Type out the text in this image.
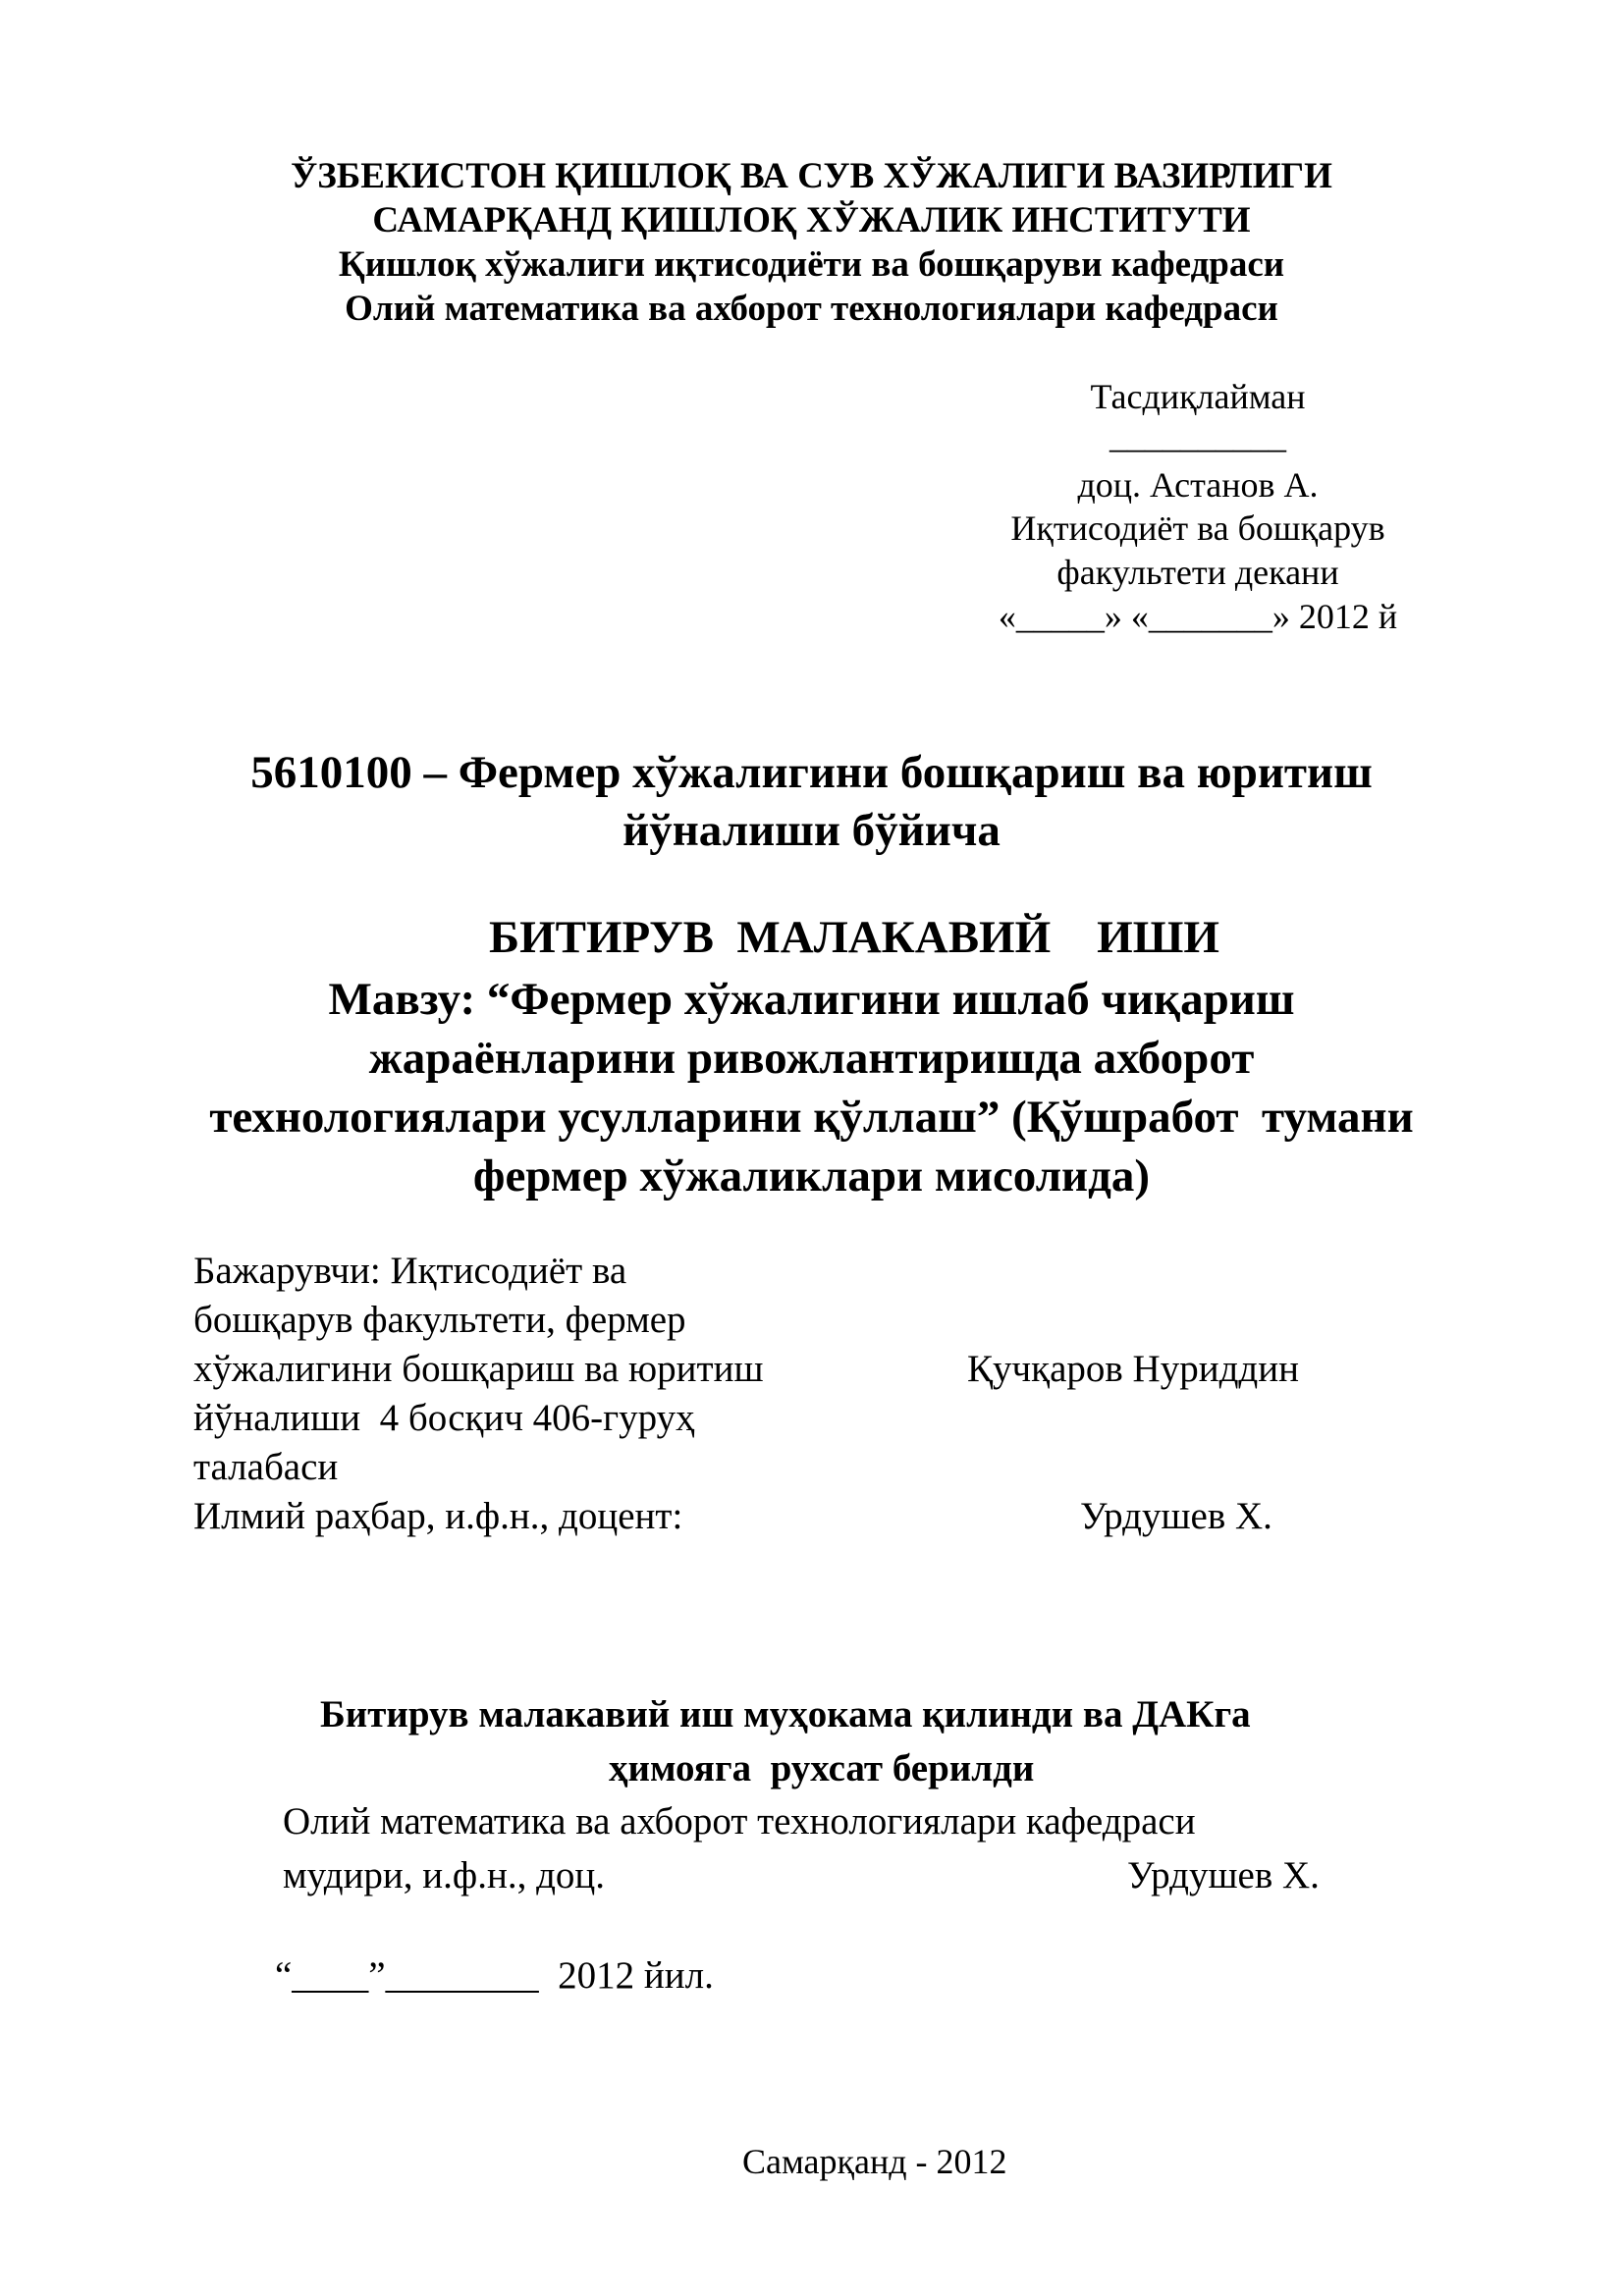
ЎЗБЕКИСТОН ҚИШЛОҚ ВА СУВ ХЎЖАЛИГИ ВАЗИРЛИГИ
САМАРҚАНД ҚИШЛОҚ ХЎЖАЛИК ИНСТИТУТИ
Қишлоқ хўжалиги иқтисодиёти ва бошқаруви кафедраси
Олий математика ва ахборот технологиялари кафедраси
Тасдиқлайман
__________
доц. Астанов А.
Иқтисодиёт ва бошқарув
факультети декани
«_____» «_______» 2012 й
5610100 – Фермер хўжалигини бошқариш ва юритиш
йўналиши бўйича
БИТИРУВ  МАЛАКАВИЙ    ИШИ
Мавзу: “Фермер хўжалигини ишлаб чиқариш
жараёнларини ривожлантиришда ахборот
технологиялари усулларини қўллаш” (Қўшработ  тумани
фермер хўжаликлари мисолида)
Бажарувчи: Иқтисодиёт ва
бошқарув факультети, фермер
хўжалигини бошқариш ва юритиш	Қучқаров Нуриддин
йўналиши  4 босқич 406-гуруҳ
талабаси
Илмий раҳбар, и.ф.н., доцент:	Урдушев Х.
Битирув малакавий иш муҳокама қилинди ва ДАКга
ҳимояга  рухсат берилди
Олий математика ва ахборот технологиялари кафедраси
мудири, и.ф.н., доц.	Урдушев Х.
“____”________  2012 йил.
Самарқанд - 2012
